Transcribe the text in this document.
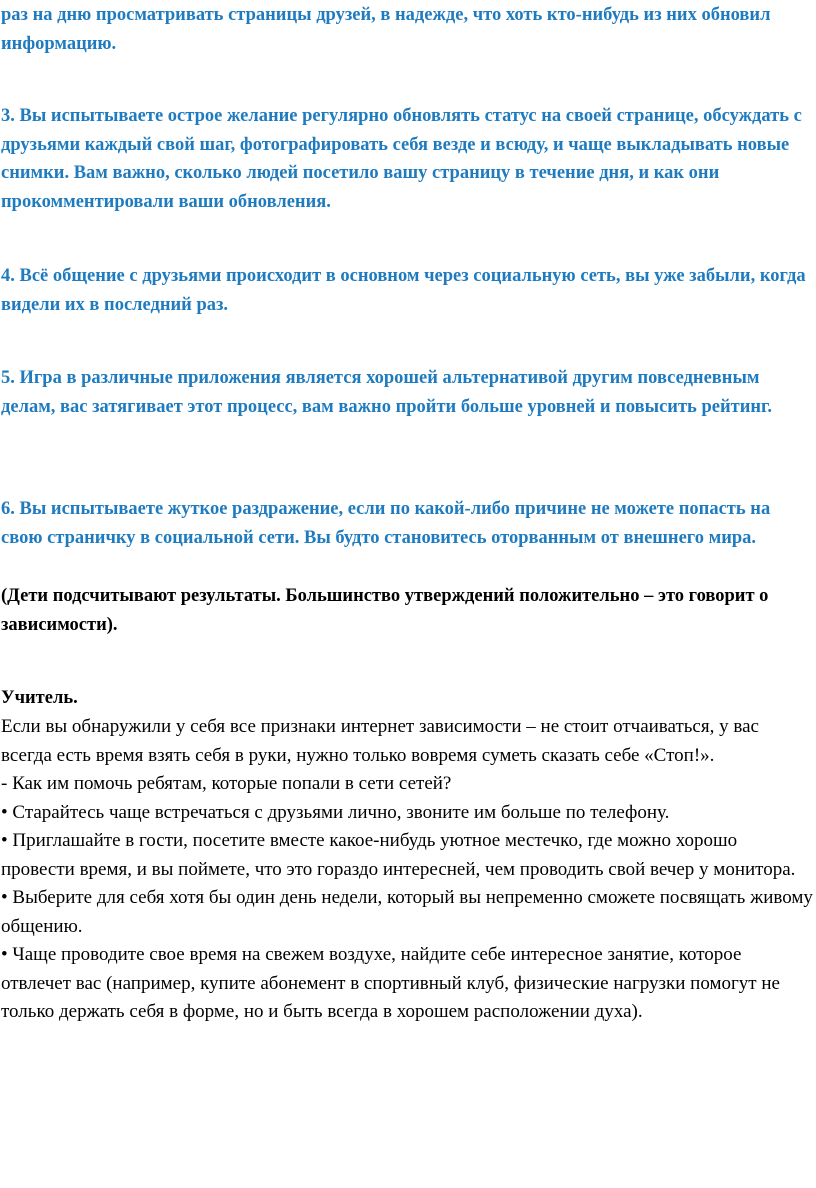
раз на дню просматривать страницы друзей, в надежде, что хоть кто-нибудь из них обновил информацию.

3. Вы испытываете острое желание регулярно обновлять статус на своей странице, обсуждать с друзьями каждый свой шаг, фотографировать себя везде и всюду, и чаще выкладывать новые снимки. Вам важно, сколько людей посетило вашу страницу в течение дня, и как они прокомментировали ваши обновления.

4. Всё общение с друзьями происходит в основном через социальную сеть, вы уже забыли, когда видели их в последний раз.

5. Игра в различные приложения является хорошей альтернативой другим повседневным делам, вас затягивает этот процесс, вам важно пройти больше уровней и повысить рейтинг.

6. Вы испытываете жуткое раздражение, если по какой-либо причине не можете попасть на свою страничку в социальной сети. Вы будто становитесь оторванным от внешнего мира.

(Дети подсчитывают результаты. Большинство утверждений положительно – это говорит о зависимости).

Учитель.

Если вы обнаружили у себя все признаки интернет зависимости – не стоит отчаиваться, у вас всегда есть время взять себя в руки, нужно только вовремя суметь сказать себе «Стоп!».

- Как им помочь ребятам, которые попали в сети сетей?

• Старайтесь чаще встречаться с друзьями лично, звоните им больше по телефону.

• Приглашайте в гости, посетите вместе какое-нибудь уютное местечко, где можно хорошо провести время, и вы поймете, что это гораздо интересней, чем проводить свой вечер у монитора.

• Выберите для себя хотя бы один день недели, который вы непременно сможете посвящать живому общению.

• Чаще проводите свое время на свежем воздухе, найдите себе интересное занятие, которое отвлечет вас (например, купите абонемент в спортивный клуб, физические нагрузки помогут не только держать себя в форме, но и быть всегда в хорошем расположении духа).
